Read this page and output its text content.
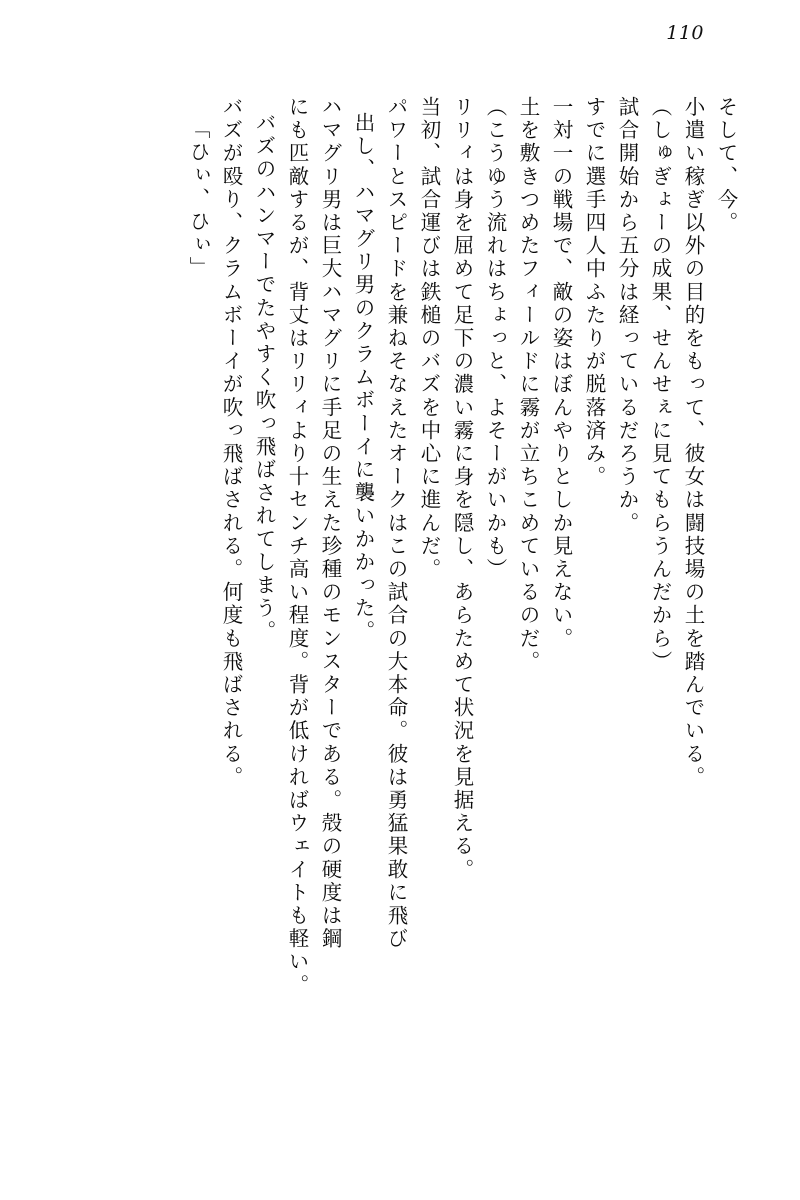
110
そして、今。
小遣い稼ぎ以外の目的をもって、彼女は闘技場の土を踏んでいる。
（しゅぎょーの成果、せんせぇに見てもらうんだから）
試合開始から五分は経っているだろうか。
すでに選手四人中ふたりが脱落済み。
一対一の戦場で、敵の姿はぼんやりとしか見えない。
土を敷きつめたフィールドに霧が立ちこめているのだ。
（こうゆう流れはちょっと、よそーがいかも）
リリィは身を屈めて足下の濃い霧に身を隠し、あらためて状況を見据える。
当初、試合運びは鉄槌のバズを中心に進んだ。
パワーとスピードを兼ねそなえたオークはこの試合の大本命。彼は勇猛果敢に飛び
出し、ハマグリ男のクラムボーイに襲いかかった。
ハマグリ男は巨大ハマグリに手足の生えた珍種のモンスターである。殻の硬度は鋼
にも匹敵するが、背丈はリリィより十センチ高い程度。背が低ければウェイトも軽い。
バズのハンマーでたやすく吹っ飛ばされてしまう。
バズが殴り、クラムボーイが吹っ飛ばされる。何度も飛ばされる。
「ひぃ、ひぃ」
